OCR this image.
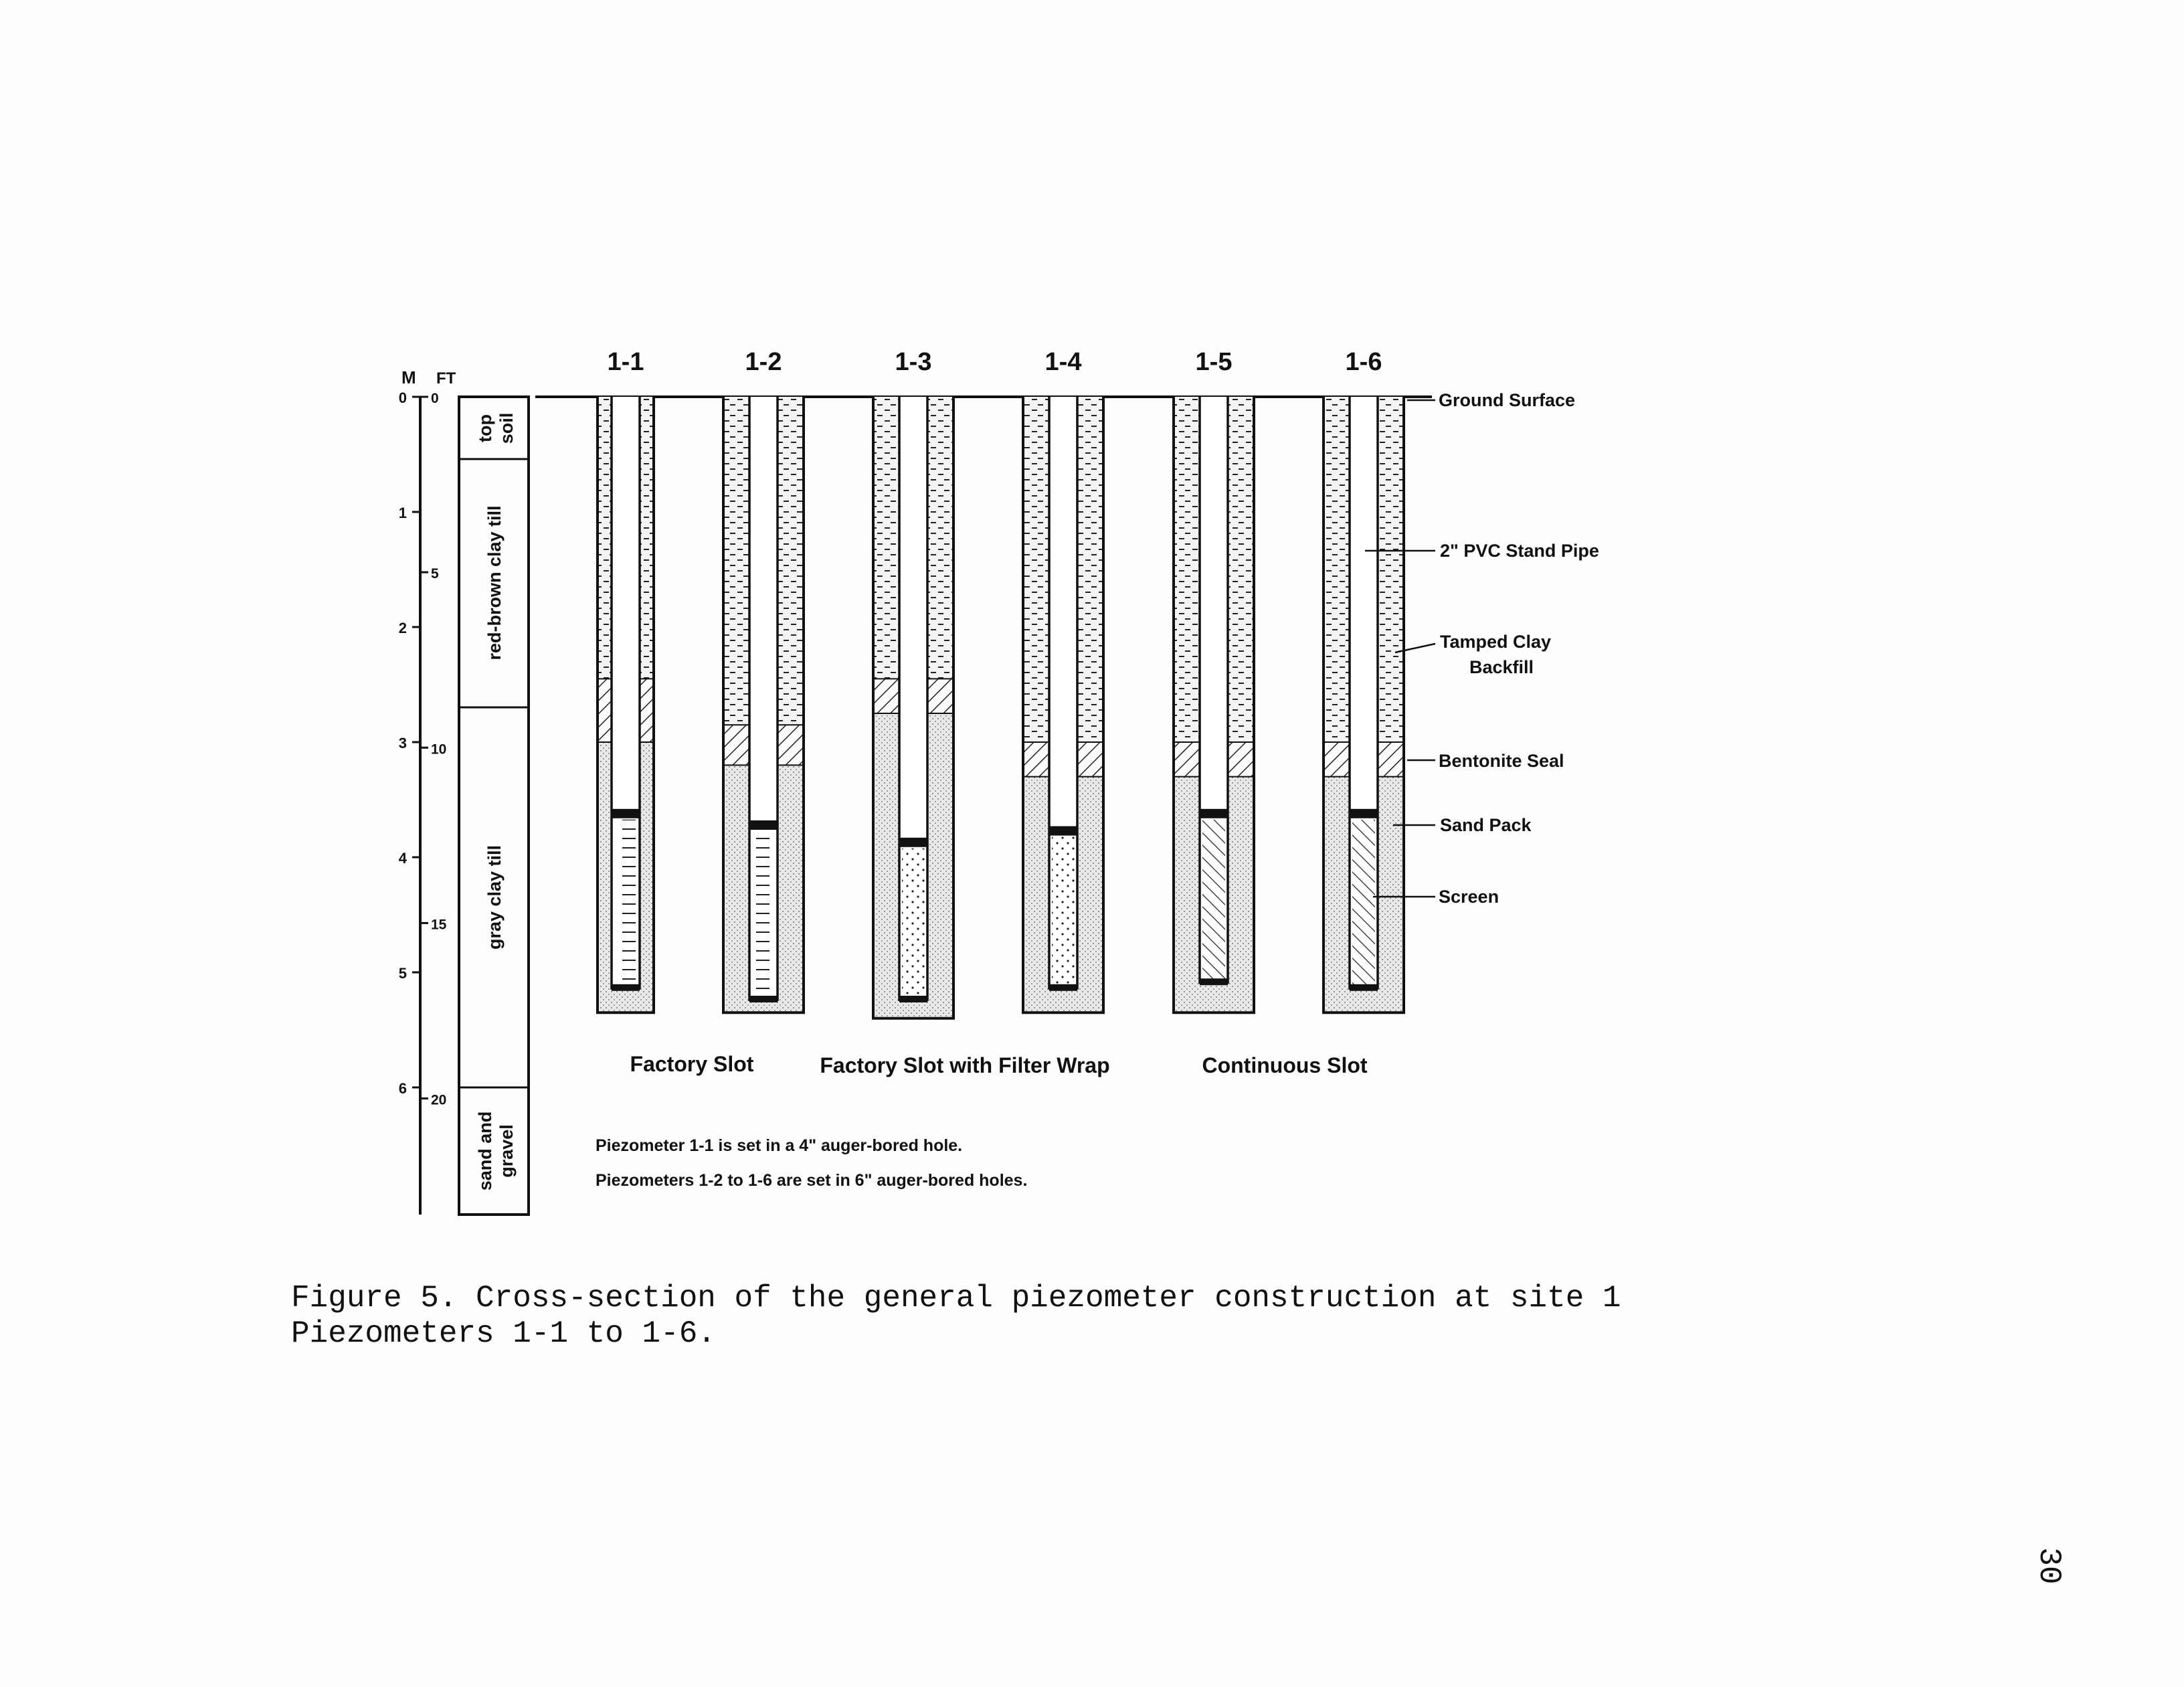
M FT
0
1
2
3
4
5
6
0
5
10
15
20
topsoil
red-brown clay till
gray clay till
sand andgravel
1-1	1-2	1-3	1-4	1-5	1-6
Ground Surface
2" PVC Stand Pipe
Tamped Clay
Backfill
Bentonite Seal
Sand Pack
Screen
Factory Slot	Factory Slot with Filter Wrap	Continuous Slot
Piezometer 1-1 is set in a 4" auger-bored hole.
Piezometers 1-2 to 1-6 are set in 6" auger-bored holes.
Figure 5. Cross-section of the general piezometer construction at site 1
Piezometers 1-1 to 1-6.
30
